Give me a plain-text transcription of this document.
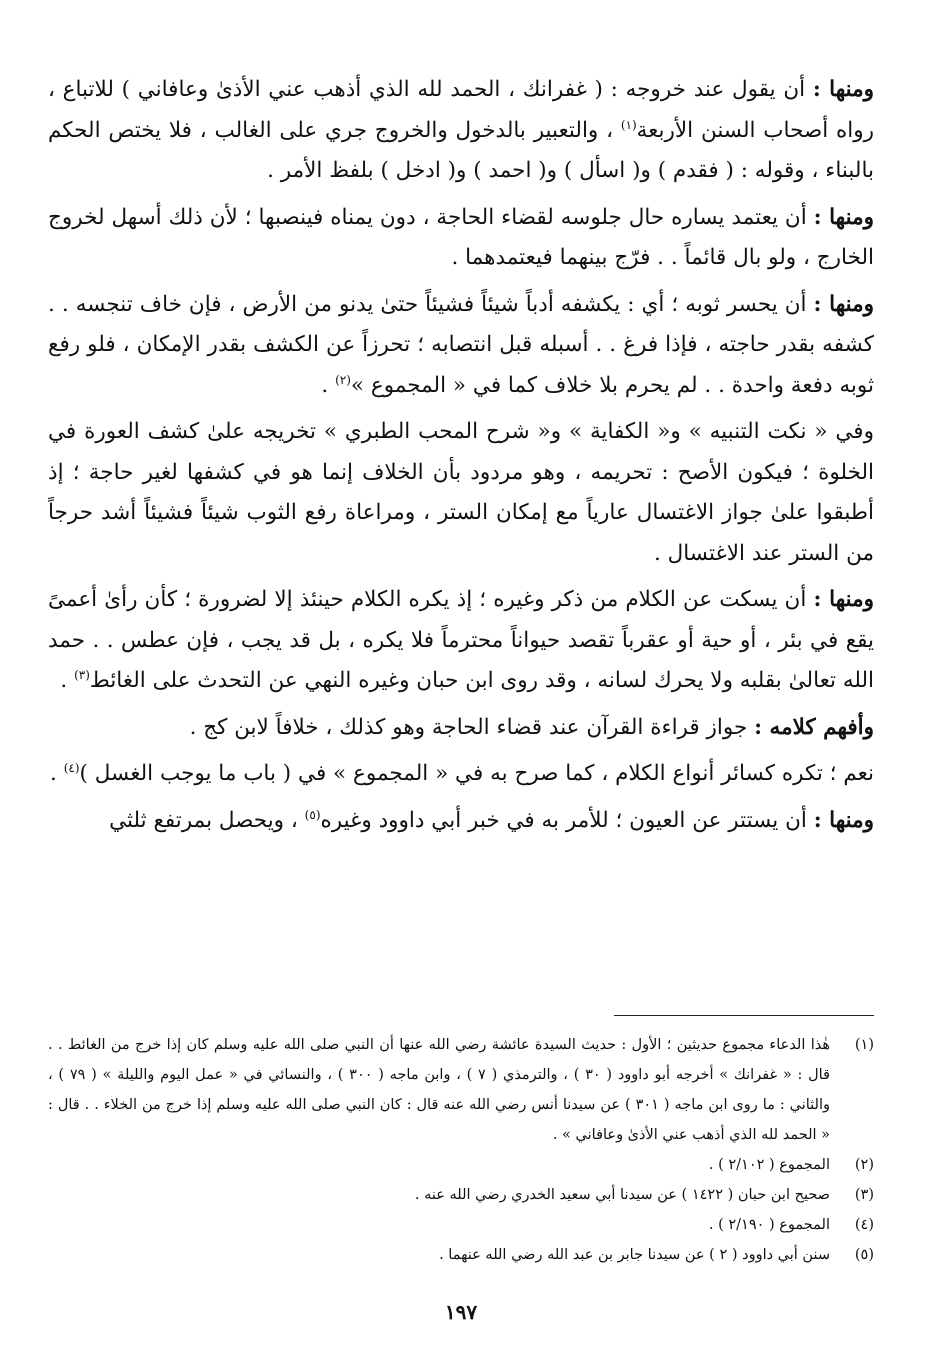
ومنها : أن يقول عند خروجه : ( غفرانك ، الحمد لله الذي أذهب عني الأذىٰ وعافاني ) للاتباع ، رواه أصحاب السنن الأربعة$^{(١)}$ ، والتعبير بالدخول والخروج جري على الغالب ، فلا يختص الحكم بالبناء ، وقوله : ( فقدم ) و( اسأل ) و( احمد ) و( ادخل ) بلفظ الأمر .

ومنها : أن يعتمد يساره حال جلوسه لقضاء الحاجة ، دون يمناه فينصبها ؛ لأن ذلك أسهل لخروج الخارج ، ولو بال قائماً . . فرّج بينهما فيعتمدهما .

ومنها : أن يحسر ثوبه ؛ أي : يكشفه أدباً شيئاً فشيئاً حتىٰ يدنو من الأرض ، فإن خاف تنجسه . . كشفه بقدر حاجته ، فإذا فرغ . . أسبله قبل انتصابه ؛ تحرزاً عن الكشف بقدر الإمكان ، فلو رفع ثوبه دفعة واحدة . . لم يحرم بلا خلاف كما في « المجموع »$^{(٢)}$ .

وفي « نكت التنبيه » و« الكفاية » و« شرح المحب الطبري » تخريجه علىٰ كشف العورة في الخلوة ؛ فيكون الأصح : تحريمه ، وهو مردود بأن الخلاف إنما هو في كشفها لغير حاجة ؛ إذ أطبقوا علىٰ جواز الاغتسال عارياً مع إمكان الستر ، ومراعاة رفع الثوب شيئاً فشيئاً أشد حرجاً من الستر عند الاغتسال .

ومنها : أن يسكت عن الكلام من ذكر وغيره ؛ إذ يكره الكلام حينئذ إلا لضرورة ؛ كأن رأىٰ أعمىً يقع في بئر ، أو حية أو عقرباً تقصد حيواناً محترماً فلا يكره ، بل قد يجب ، فإن عطس . . حمد الله تعالىٰ بقلبه ولا يحرك لسانه ، وقد روى ابن حبان وغيره النهي عن التحدث على الغائط$^{(٣)}$ .

وأفهم كلامه : جواز قراءة القرآن عند قضاء الحاجة وهو كذلك ، خلافاً لابن كج .

نعم ؛ تكره كسائر أنواع الكلام ، كما صرح به في « المجموع » في ( باب ما يوجب الغسل )$^{(٤)}$ .

ومنها : أن يستتر عن العيون ؛ للأمر به في خبر أبي داوود وغيره$^{(٥)}$ ، ويحصل بمرتفع ثلثي

(١)
هٰذا الدعاء مجموع حديثين ؛ الأول : حديث السيدة عائشة رضي الله عنها أن النبي صلى الله عليه وسلم كان إذا خرج من الغائط . . قال : « غفرانك » أخرجه أبو داوود ( ٣٠ ) ، والترمذي ( ٧ ) ، وابن ماجه ( ٣٠٠ ) ، والنسائي في « عمل اليوم والليلة » ( ٧٩ ) ، والثاني : ما روى ابن ماجه ( ٣٠١ ) عن سيدنا أنس رضي الله عنه قال : كان النبي صلى الله عليه وسلم إذا خرج من الخلاء . . قال : « الحمد لله الذي أذهب عني الأذىٰ وعافاني » .
(٢)
المجموع ( ٢/١٠٢ ) .
(٣)
صحيح ابن حبان ( ١٤٢٢ ) عن سيدنا أبي سعيد الخدري رضي الله عنه .
(٤)
المجموع ( ٢/١٩٠ ) .
(٥)
سنن أبي داوود ( ٢ ) عن سيدنا جابر بن عبد الله رضي الله عنهما .
١٩٧
